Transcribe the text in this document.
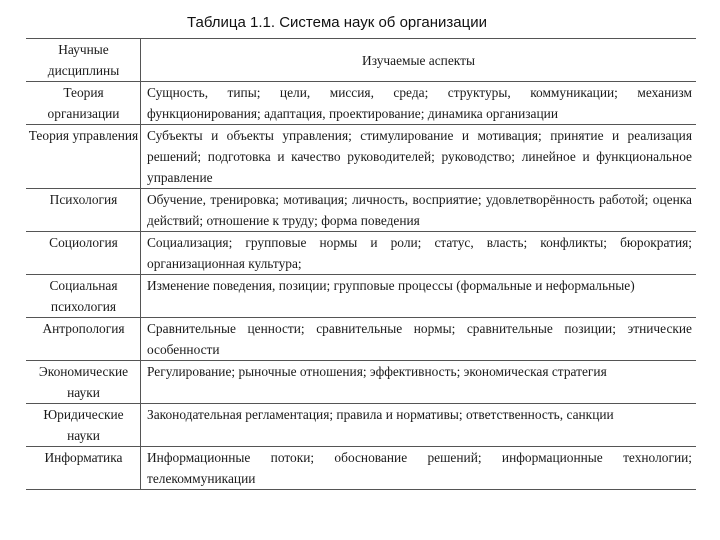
Таблица 1.1. Система наук об организации
Научные дисциплины	Изучаемые аспекты
Теория организации	Сущность, типы; цели, миссия, среда; структуры, коммуникации; механизм функционирования; адаптация, проектирование; динамика организации
Теория управления	Субъекты и объекты управления; стимулирование и мотивация; принятие и реализация решений; подготовка и качество руководителей; руководство; линейное и функциональное управление
Психология	Обучение, тренировка; мотивация; личность, восприятие; удовлетворённость работой; оценка действий; отношение к труду; форма поведения
Социология	Социализация; групповые нормы и роли; статус, власть; конфликты; бюрократия; организационная культура;
Социальная психология	Изменение поведения, позиции; групповые процессы (формальные и неформальные)
Антропология	Сравнительные ценности; сравнительные нормы; сравнительные позиции; этнические особенности
Экономические науки	Регулирование; рыночные отношения; эффективность; экономическая стратегия
Юридические науки	Законодательная регламентация; правила и нормативы; ответственность, санкции
Информатика	Информационные потоки; обоснование решений; информационные технологии; телекоммуникации
